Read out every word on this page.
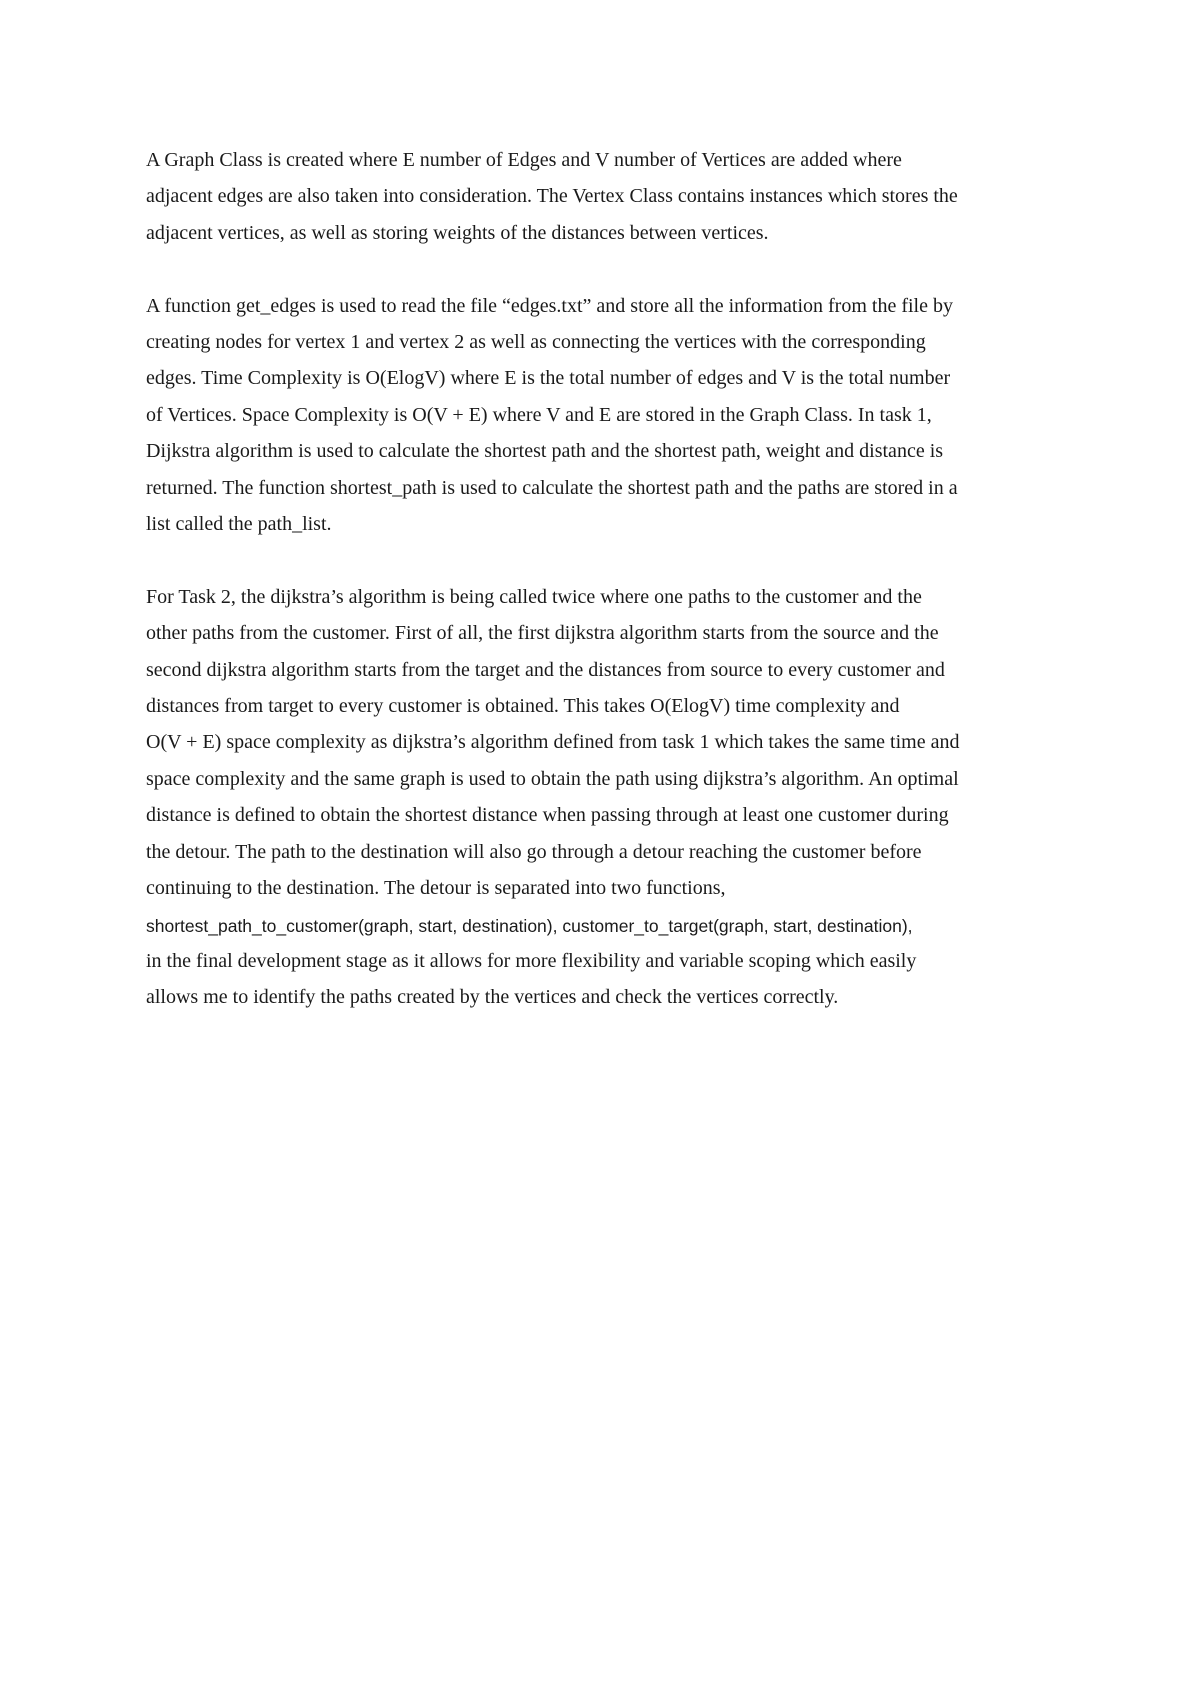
A Graph Class is created where E number of Edges and V number of Vertices are added where
adjacent edges are also taken into consideration. The Vertex Class contains instances which stores the
adjacent vertices, as well as storing weights of the distances between vertices.

A function get_edges is used to read the file “edges.txt” and store all the information from the file by
creating nodes for vertex 1 and vertex 2 as well as connecting the vertices with the corresponding
edges. Time Complexity is O(ElogV) where E is the total number of edges and V is the total number
of Vertices. Space Complexity is O(V + E) where V and E are stored in the Graph Class. In task 1,
Dijkstra algorithm is used to calculate the shortest path and the shortest path, weight and distance is
returned. The function shortest_path is used to calculate the shortest path and the paths are stored in a
list called the path_list.

For Task 2, the dijkstra’s algorithm is being called twice where one paths to the customer and the
other paths from the customer. First of all, the first dijkstra algorithm starts from the source and the
second dijkstra algorithm starts from the target and the distances from source to every customer and
distances from target to every customer is obtained. This takes O(ElogV) time complexity and
O(V + E) space complexity as dijkstra’s algorithm defined from task 1 which takes the same time and
space complexity and the same graph is used to obtain the path using dijkstra’s algorithm. An optimal
distance is defined to obtain the shortest distance when passing through at least one customer during
the detour. The path to the destination will also go through a detour reaching the customer before
continuing to the destination. The detour is separated into two functions,
shortest_path_to_customer(graph, start, destination), customer_to_target(graph, start, destination),
in the final development stage as it allows for more flexibility and variable scoping which easily
allows me to identify the paths created by the vertices and check the vertices correctly.
